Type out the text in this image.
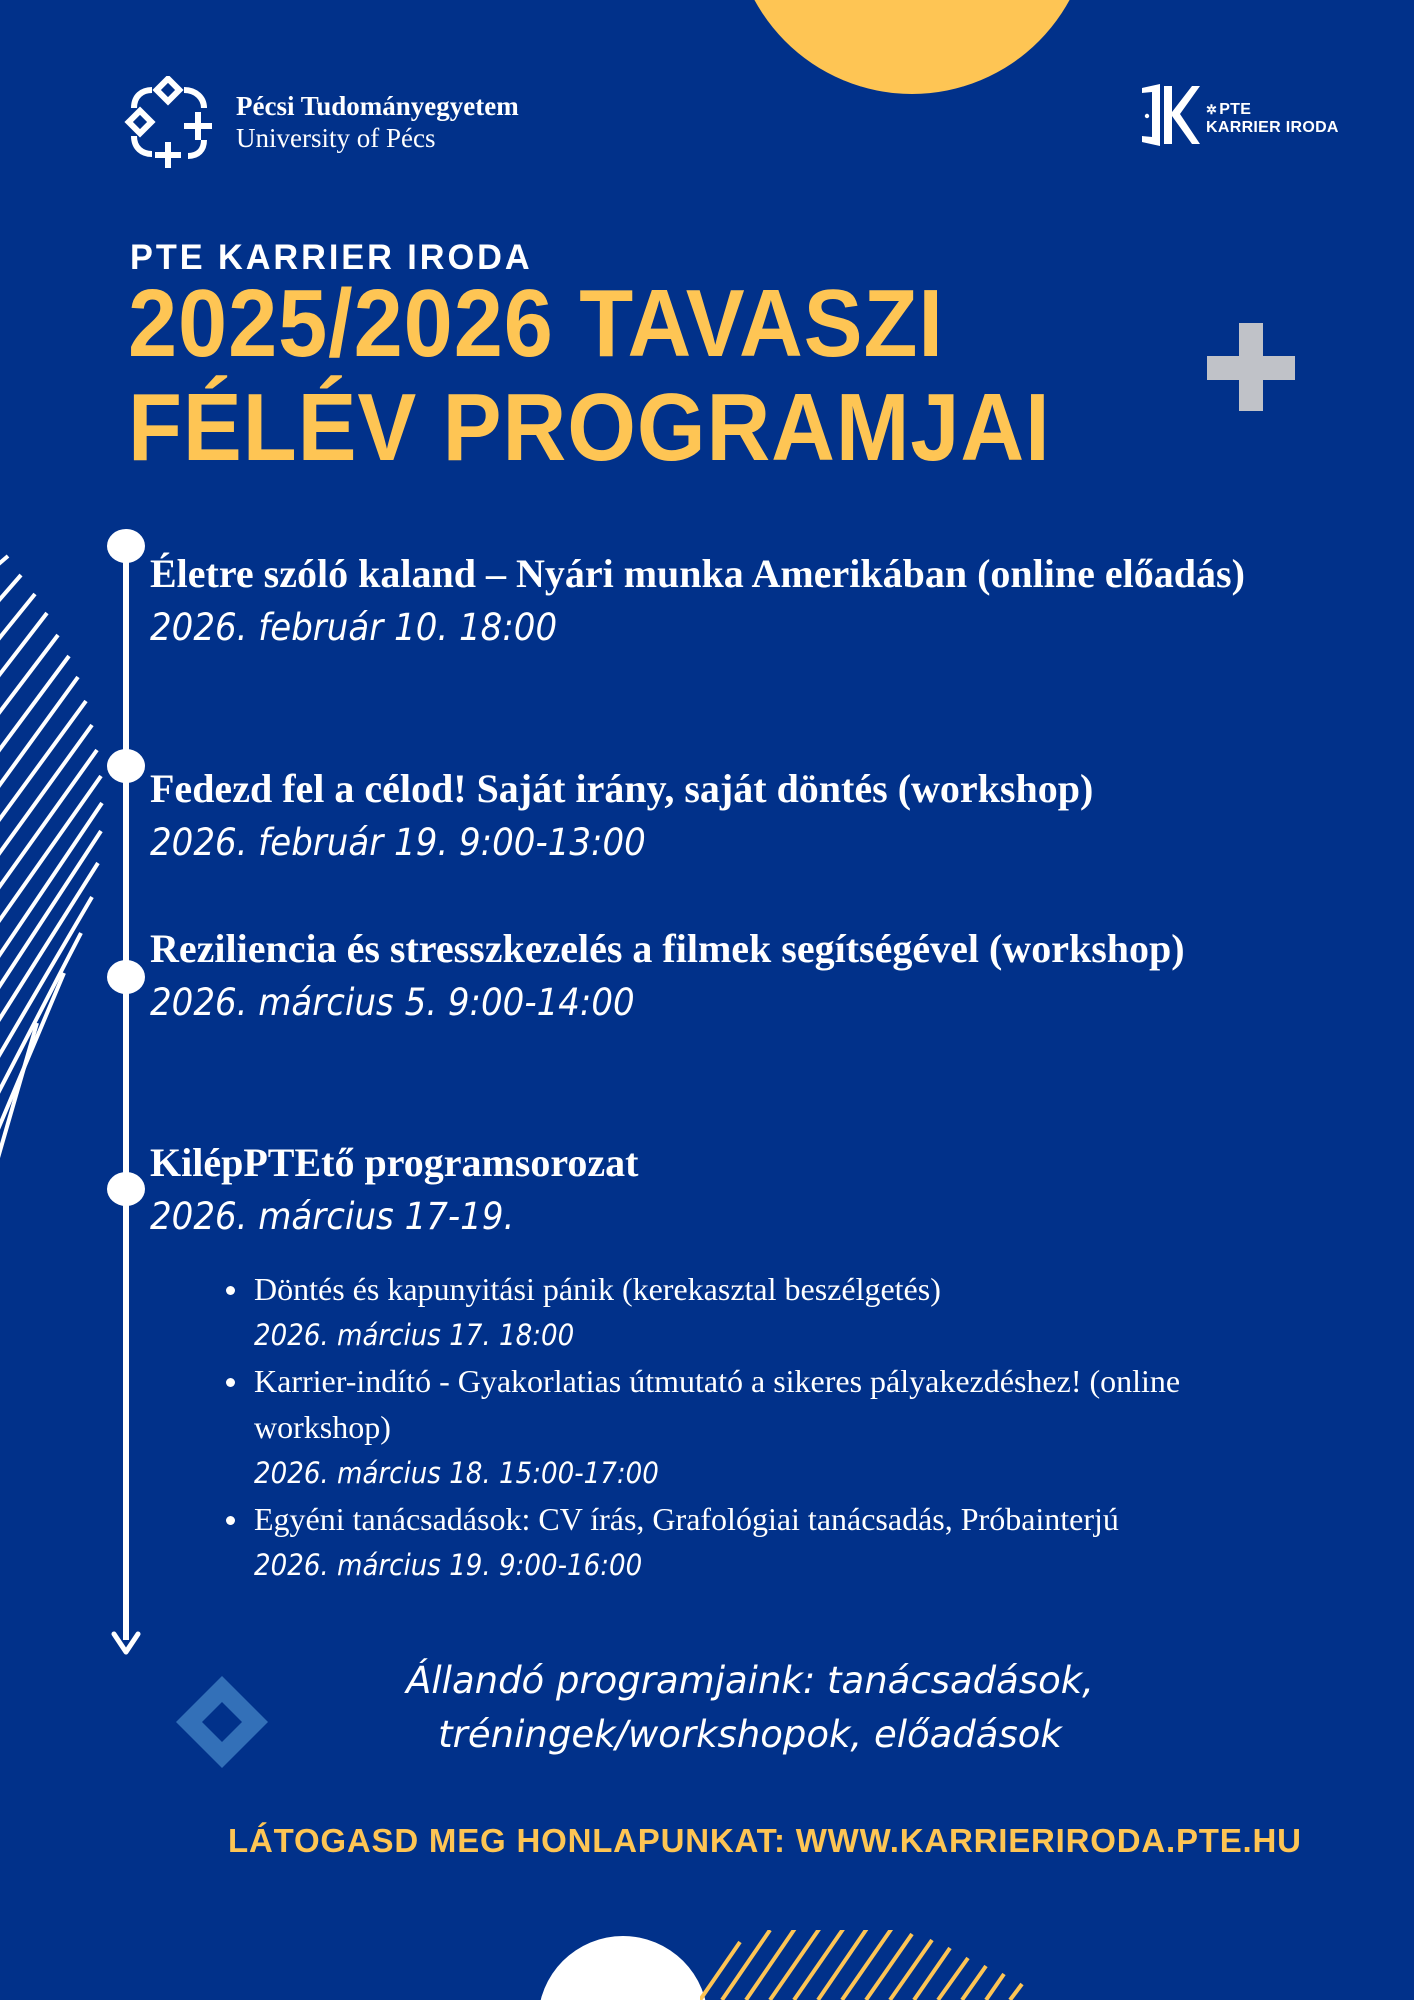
Pécsi Tudományegyetem
University of Pécs
✲ PTE
KARRIER IRODA
PTE KARRIER IRODA
2025/2026 TAVASZI
FÉLÉV PROGRAMJAI
Életre szóló kaland – Nyári munka Amerikában (online előadás)
2026. február 10. 18:00
Fedezd fel a célod! Saját irány, saját döntés (workshop)
2026. február 19. 9:00-13:00
Reziliencia és stresszkezelés a filmek segítségével (workshop)
2026. március 5. 9:00-14:00
KilépPTEtő programsorozat
2026. március 17-19.
Döntés és kapunyitási pánik (kerekasztal beszélgetés)
2026. március 17. 18:00
Karrier-indító - Gyakorlatias útmutató a sikeres pályakezdéshez! (online workshop)
2026. március 18. 15:00-17:00
Egyéni tanácsadások: CV írás, Grafológiai tanácsadás, Próbainterjú
2026. március 19. 9:00-16:00
Állandó programjaink: tanácsadások,
tréningek/workshopok, előadások
LÁTOGASD MEG HONLAPUNKAT: WWW.KARRIERIRODA.PTE.HU
